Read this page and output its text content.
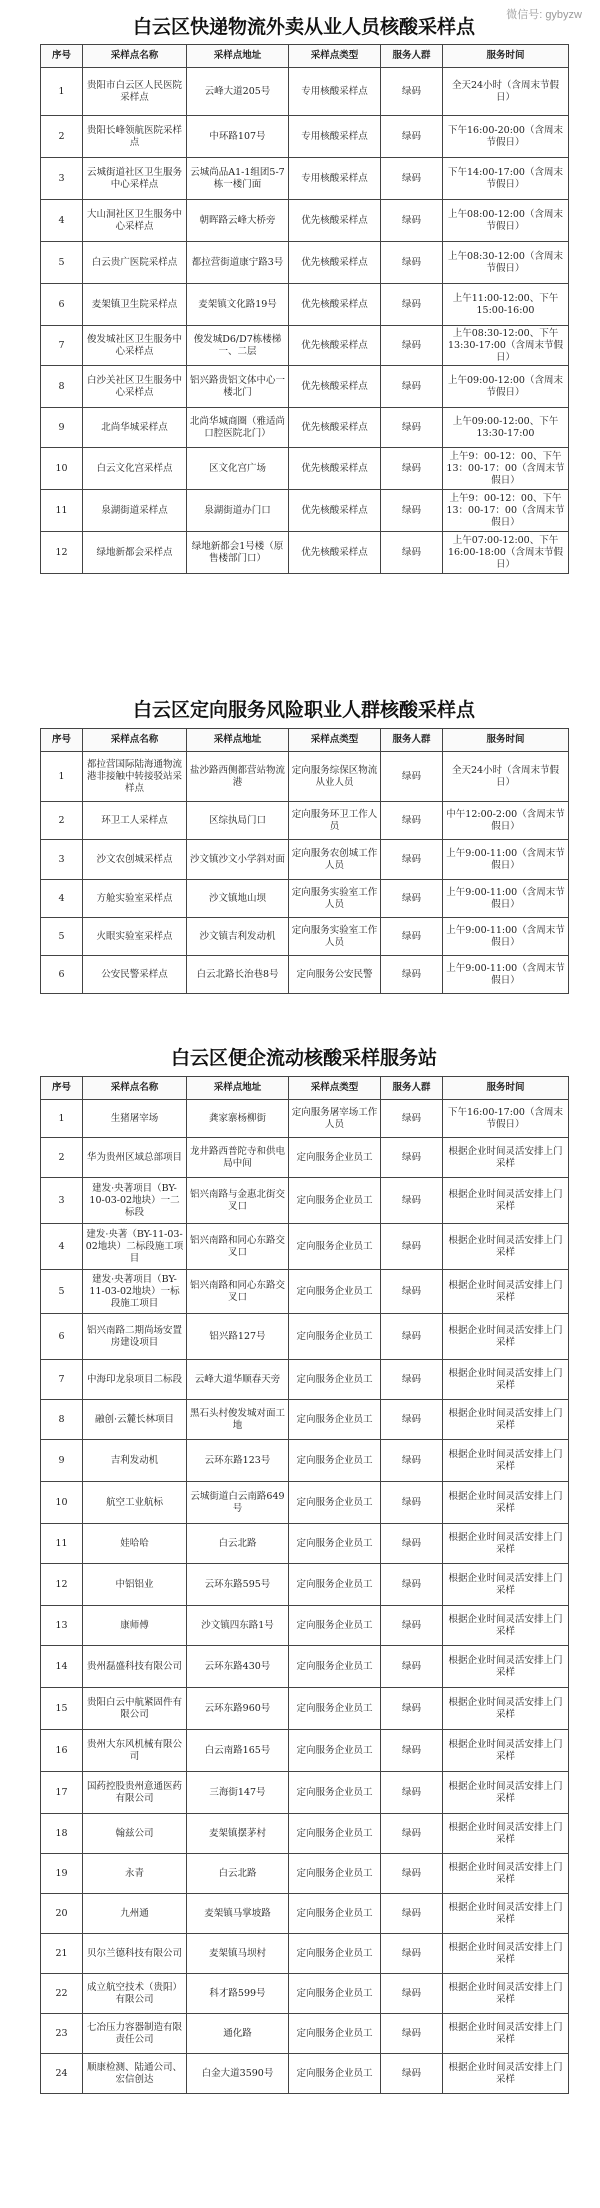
微信号: gybyzw
白云区快递物流外卖从业人员核酸采样点
序号	采样点名称	采样点地址	采样点类型	服务人群	服务时间
1	贵阳市白云区人民医院采样点	云峰大道205号	专用核酸采样点	绿码	全天24小时（含周末节假日）
2	贵阳长峰领航医院采样点	中环路107号	专用核酸采样点	绿码	下午16:00-20:00（含周末节假日）
3	云城街道社区卫生服务中心采样点	云城尚品A1-1组团5-7栋一楼门面	专用核酸采样点	绿码	下午14:00-17:00（含周末节假日）
4	大山洞社区卫生服务中心采样点	朝晖路云峰大桥旁	优先核酸采样点	绿码	上午08:00-12:00（含周末节假日）
5	白云贵广医院采样点	都拉营街道康宁路3号	优先核酸采样点	绿码	上午08:30-12:00（含周末节假日）
6	麦架镇卫生院采样点	麦架镇文化路19号	优先核酸采样点	绿码	上午11:00-12:00、下午15:00-16:00
7	俊发城社区卫生服务中心采样点	俊发城D6/D7栋楼梯一、二层	优先核酸采样点	绿码	上午08:30-12:00、下午13:30-17:00（含周末节假日）
8	白沙关社区卫生服务中心采样点	铝兴路贵铝文体中心一楼北门	优先核酸采样点	绿码	上午09:00-12:00（含周末节假日）
9	北尚华城采样点	北尚华城商圈（雅适尚口腔医院北门）	优先核酸采样点	绿码	上午09:00-12:00、下午13:30-17:00
10	白云文化宫采样点	区文化宫广场	优先核酸采样点	绿码	上午9：00-12：00、下午13：00-17：00（含周末节假日）
11	泉湖街道采样点	泉湖街道办门口	优先核酸采样点	绿码	上午9：00-12：00、下午13：00-17：00（含周末节假日）
12	绿地新都会采样点	绿地新都会1号楼（原售楼部门口）	优先核酸采样点	绿码	上午07:00-12:00、下午16:00-18:00（含周末节假日）
白云区定向服务风险职业人群核酸采样点
序号	采样点名称	采样点地址	采样点类型	服务人群	服务时间
1	都拉营国际陆海通物流港非接触中转接驳站采样点	盐沙路西侧都营站物流港	定向服务综保区物流从业人员	绿码	全天24小时（含周末节假日）
2	环卫工人采样点	区综执局门口	定向服务环卫工作人员	绿码	中午12:00-2:00（含周末节假日）
3	沙文农创城采样点	沙文镇沙文小学斜对面	定向服务农创城工作人员	绿码	上午9:00-11:00（含周末节假日）
4	方舱实验室采样点	沙文镇地山坝	定向服务实验室工作人员	绿码	上午9:00-11:00（含周末节假日）
5	火眼实验室采样点	沙文镇吉利发动机	定向服务实验室工作人员	绿码	上午9:00-11:00（含周末节假日）
6	公安民警采样点	白云北路长治巷8号	定向服务公安民警	绿码	上午9:00-11:00（含周末节假日）
白云区便企流动核酸采样服务站
序号	采样点名称	采样点地址	采样点类型	服务人群	服务时间
1	生猪屠宰场	龚家寨杨柳街	定向服务屠宰场工作人员	绿码	下午16:00-17:00（含周末节假日）
2	华为贵州区域总部项目	龙井路西普陀寺和供电局中间	定向服务企业员工	绿码	根据企业时间灵活安排上门采样
3	建发·央著项目（BY-10-03-02地块）一二标段	铝兴南路与金惠北街交叉口	定向服务企业员工	绿码	根据企业时间灵活安排上门采样
4	建发·央著（BY-11-03-02地块）二标段施工项目	铝兴南路和同心东路交叉口	定向服务企业员工	绿码	根据企业时间灵活安排上门采样
5	建发·央著项目（BY-11-03-02地块）一标段施工项目	铝兴南路和同心东路交叉口	定向服务企业员工	绿码	根据企业时间灵活安排上门采样
6	铝兴南路二期尚场安置房建设项目	铝兴路127号	定向服务企业员工	绿码	根据企业时间灵活安排上门采样
7	中海印龙泉项目二标段	云峰大道华顺春天旁	定向服务企业员工	绿码	根据企业时间灵活安排上门采样
8	融创·云麓长林项目	黑石头村俊发城对面工地	定向服务企业员工	绿码	根据企业时间灵活安排上门采样
9	吉利发动机	云环东路123号	定向服务企业员工	绿码	根据企业时间灵活安排上门采样
10	航空工业航标	云城街道白云南路649号	定向服务企业员工	绿码	根据企业时间灵活安排上门采样
11	娃哈哈	白云北路	定向服务企业员工	绿码	根据企业时间灵活安排上门采样
12	中铝铝业	云环东路595号	定向服务企业员工	绿码	根据企业时间灵活安排上门采样
13	康师傅	沙文镇四东路1号	定向服务企业员工	绿码	根据企业时间灵活安排上门采样
14	贵州磊盛科技有限公司	云环东路430号	定向服务企业员工	绿码	根据企业时间灵活安排上门采样
15	贵阳白云中航紧固件有限公司	云环东路960号	定向服务企业员工	绿码	根据企业时间灵活安排上门采样
16	贵州大东风机械有限公司	白云南路165号	定向服务企业员工	绿码	根据企业时间灵活安排上门采样
17	国药控股贵州意通医药有限公司	三海街147号	定向服务企业员工	绿码	根据企业时间灵活安排上门采样
18	翰兹公司	麦架镇摆茅村	定向服务企业员工	绿码	根据企业时间灵活安排上门采样
19	永青	白云北路	定向服务企业员工	绿码	根据企业时间灵活安排上门采样
20	九州通	麦架镇马掌坡路	定向服务企业员工	绿码	根据企业时间灵活安排上门采样
21	贝尔兰德科技有限公司	麦架镇马坝村	定向服务企业员工	绿码	根据企业时间灵活安排上门采样
22	成立航空技术（贵阳）有限公司	科才路599号	定向服务企业员工	绿码	根据企业时间灵活安排上门采样
23	七冶压力容器制造有限责任公司	通化路	定向服务企业员工	绿码	根据企业时间灵活安排上门采样
24	顺康检测、陆通公司、宏信创达	白金大道3590号	定向服务企业员工	绿码	根据企业时间灵活安排上门采样
